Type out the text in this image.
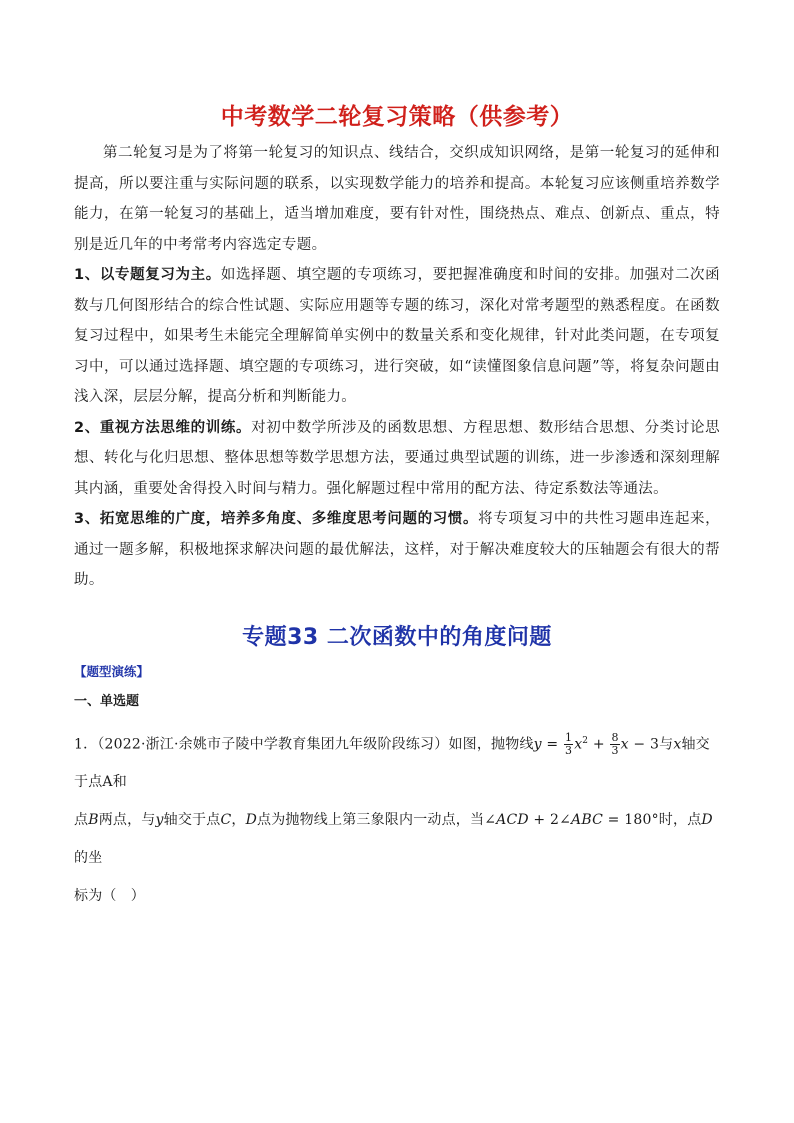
中考数学二轮复习策略（供参考）

第二轮复习是为了将第一轮复习的知识点、线结合，交织成知识网络，是第一轮复习的延伸和提高，所以要注重与实际问题的联系，以实现数学能力的培养和提高。本轮复习应该侧重培养数学能力，在第一轮复习的基础上，适当增加难度，要有针对性，围绕热点、难点、创新点、重点，特别是近几年的中考常考内容选定专题。

1、以专题复习为主。如选择题、填空题的专项练习，要把握准确度和时间的安排。加强对二次函数与几何图形结合的综合性试题、实际应用题等专题的练习，深化对常考题型的熟悉程度。在函数复习过程中，如果考生未能完全理解简单实例中的数量关系和变化规律，针对此类问题，在专项复习中，可以通过选择题、填空题的专项练习，进行突破，如“读懂图象信息问题”等，将复杂问题由浅入深，层层分解，提高分析和判断能力。

2、重视方法思维的训练。对初中数学所涉及的函数思想、方程思想、数形结合思想、分类讨论思想、转化与化归思想、整体思想等数学思想方法，要通过典型试题的训练，进一步渗透和深刻理解其内涵，重要处舍得投入时间与精力。强化解题过程中常用的配方法、待定系数法等通法。

3、拓宽思维的广度，培养多角度、多维度思考问题的习惯。将专项复习中的共性习题串连起来，通过一题多解，积极地探求解决问题的最优解法，这样，对于解决难度较大的压轴题会有很大的帮助。

专题33 二次函数中的角度问题
【题型演练】
一、单选题

1．（2022·浙江·余姚市子陵中学教育集团九年级阶段练习）如图，抛物线$y = \frac{1}{3} x^2 + \frac{8}{3}$ x − 3与x轴交于点A和
点B两点，与y轴交于点C，D点为抛物线上第三象限内一动点，当∠ACD + 2∠ABC = 180°时，点D的坐
标为（　）
